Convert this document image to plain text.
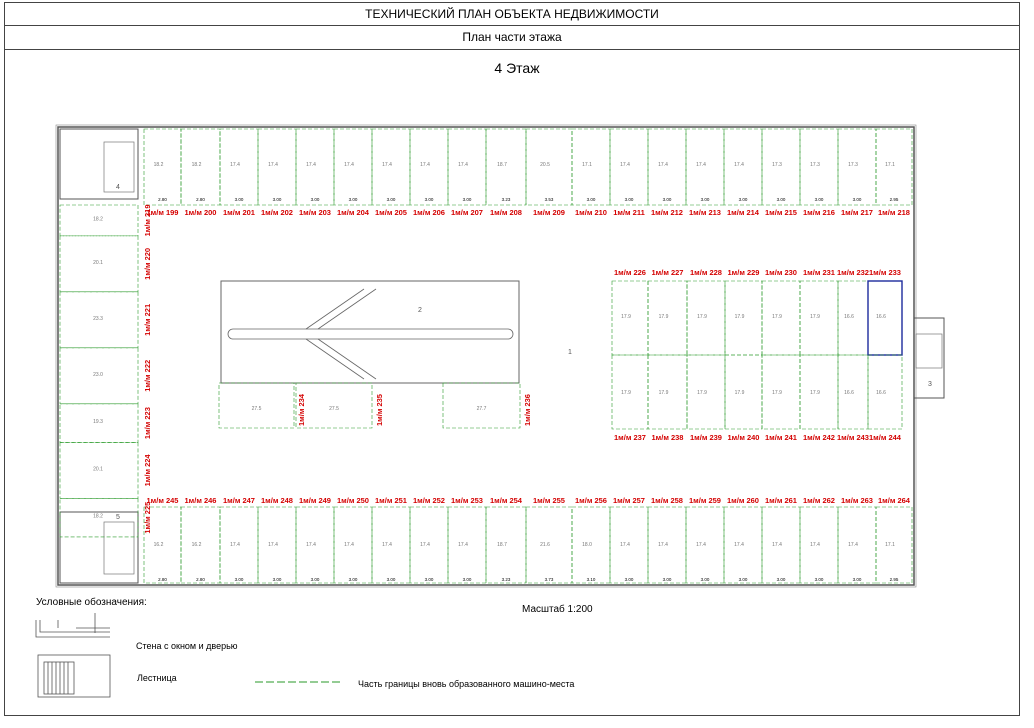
ТЕХНИЧЕСКИЙ ПЛАН ОБЪЕКТА НЕДВИЖИМОСТИ
План части этажа
4 Этаж
18.2
2.80
1м/м 199
18.2
2.80
1м/м 200
17.4
3.00
1м/м 201
17.4
3.00
1м/м 202
17.4
3.00
1м/м 203
17.4
3.00
1м/м 204
17.4
3.00
1м/м 205
17.4
3.00
1м/м 206
17.4
3.00
1м/м 207
18.7
3.23
1м/м 208
20.5
3.53
1м/м 209
17.1
3.00
1м/м 210
17.4
3.00
1м/м 211
17.4
3.00
1м/м 212
17.4
3.00
1м/м 213
17.4
3.00
1м/м 214
17.3
3.00
1м/м 215
17.3
3.00
1м/м 216
17.3
3.00
1м/м 217
17.1
2.95
1м/м 218
16.2
2.80
1м/м 245
16.2
2.80
1м/м 246
17.4
3.00
1м/м 247
17.4
3.00
1м/м 248
17.4
3.00
1м/м 249
17.4
3.00
1м/м 250
17.4
3.00
1м/м 251
17.4
3.00
1м/м 252
17.4
3.00
1м/м 253
18.7
3.23
1м/м 254
21.6
3.73
1м/м 255
18.0
3.10
1м/м 256
17.4
3.00
1м/м 257
17.4
3.00
1м/м 258
17.4
3.00
1м/м 259
17.4
3.00
1м/м 260
17.4
3.00
1м/м 261
17.4
3.00
1м/м 262
17.4
3.00
1м/м 263
17.1
2.95
1м/м 264
18.2	1м/м 219
20.1	1м/м 220
23.3	1м/м 221
23.0	1м/м 222
19.3	1м/м 223
20.1	1м/м 224
18.2	1м/м 225
17.9
1м/м 226
17.9
1м/м 227
17.9
1м/м 228
17.9
1м/м 229
17.9
1м/м 230
17.9
1м/м 231
16.6
1м/м 232
16.6
1м/м 233
17.9
1м/м 237
17.9
1м/м 238
17.9
1м/м 239
17.9
1м/м 240
17.9
1м/м 241
17.9
1м/м 242
16.6
1м/м 243
16.6
1м/м 244
27.5	1м/м 234	27.5	1м/м 235	27.7	1м/м 236
1
2
3
4
5
Условные обозначения:
Стена с окном и дверью
Лестница
Часть границы вновь образованного машино-места
Масштаб 1:200
